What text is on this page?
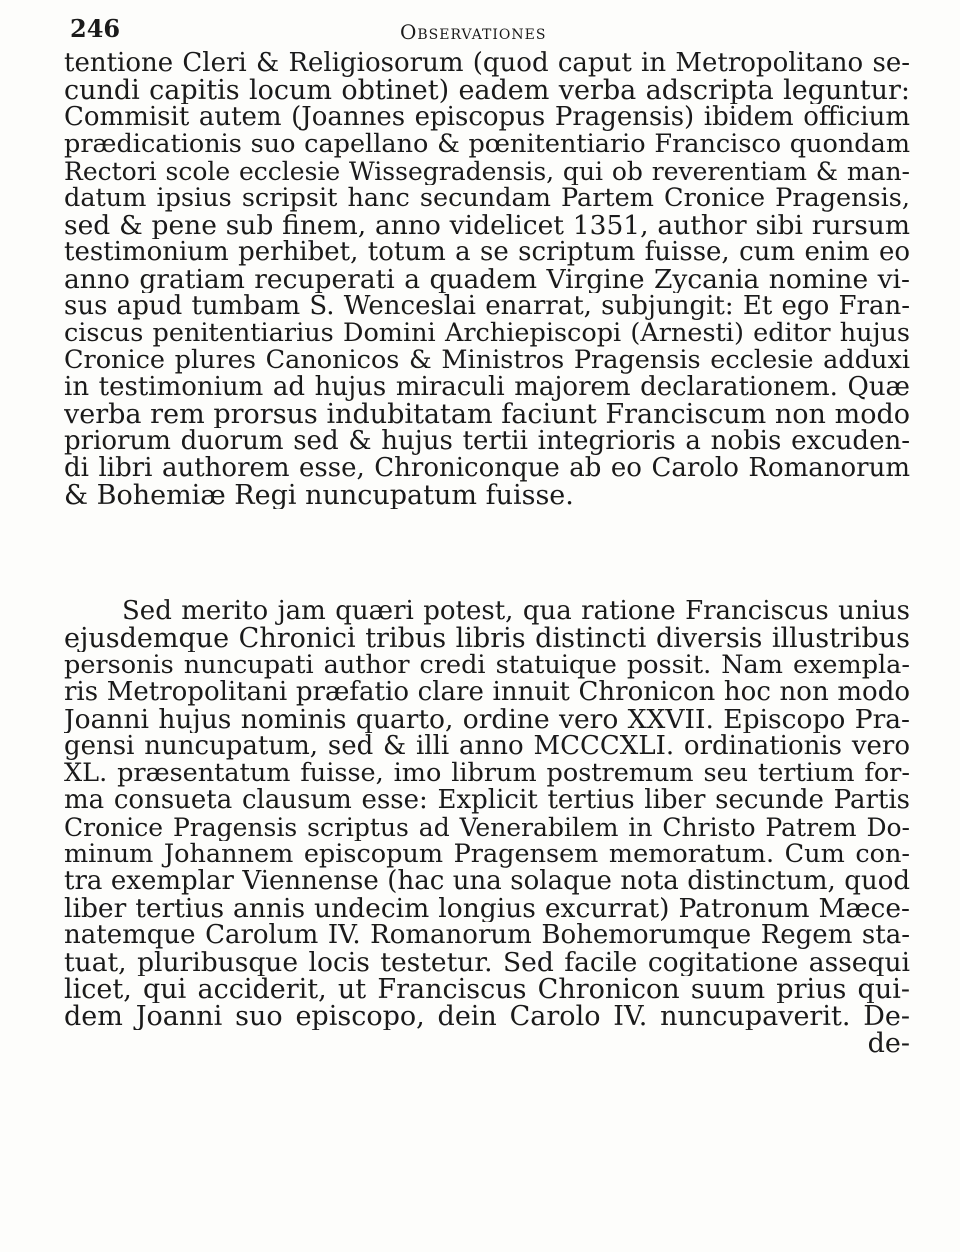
246	Observationes
tentione Cleri & Religiosorum (quod caput in Metropolitano se-
cundi capitis locum obtinet) eadem verba adscripta leguntur:
Commisit autem (Joannes episcopus Pragensis) ibidem officium
prædicationis suo capellano & pœnitentiario Francisco quondam
Rectori scole ecclesie Wissegradensis, qui ob reverentiam & man-
datum ipsius scripsit hanc secundam Partem Cronice Pragensis,
sed & pene sub finem, anno videlicet 1351, author sibi rursum
testimonium perhibet, totum a se scriptum fuisse, cum enim eo
anno gratiam recuperati a quadem Virgine Zycania nomine vi-
sus apud tumbam S. Wenceslai enarrat, subjungit: Et ego Fran-
ciscus penitentiarius Domini Archiepiscopi (Arnesti) editor hujus
Cronice plures Canonicos & Ministros Pragensis ecclesie adduxi
in testimonium ad hujus miraculi majorem declarationem. Quæ
verba rem prorsus indubitatam faciunt Franciscum non modo
priorum duorum sed & hujus tertii integrioris a nobis excuden-
di libri authorem esse, Chroniconque ab eo Carolo Romanorum
& Bohemiæ Regi nuncupatum fuisse.
Sed merito jam quæri potest, qua ratione Franciscus unius
ejusdemque Chronici tribus libris distincti diversis illustribus
personis nuncupati author credi statuique possit. Nam exempla-
ris Metropolitani præfatio clare innuit Chronicon hoc non modo
Joanni hujus nominis quarto, ordine vero XXVII. Episcopo Pra-
gensi nuncupatum, sed & illi anno MCCCXLI. ordinationis vero
XL. præsentatum fuisse, imo librum postremum seu tertium for-
ma consueta clausum esse: Explicit tertius liber secunde Partis
Cronice Pragensis scriptus ad Venerabilem in Christo Patrem Do-
minum Johannem episcopum Pragensem memoratum. Cum con-
tra exemplar Viennense (hac una solaque nota distinctum, quod
liber tertius annis undecim longius excurrat) Patronum Mæce-
natemque Carolum IV. Romanorum Bohemorumque Regem sta-
tuat, pluribusque locis testetur. Sed facile cogitatione assequi
licet, qui acciderit, ut Franciscus Chronicon suum prius qui-
dem Joanni suo episcopo, dein Carolo IV. nuncupaverit. De-
de-
